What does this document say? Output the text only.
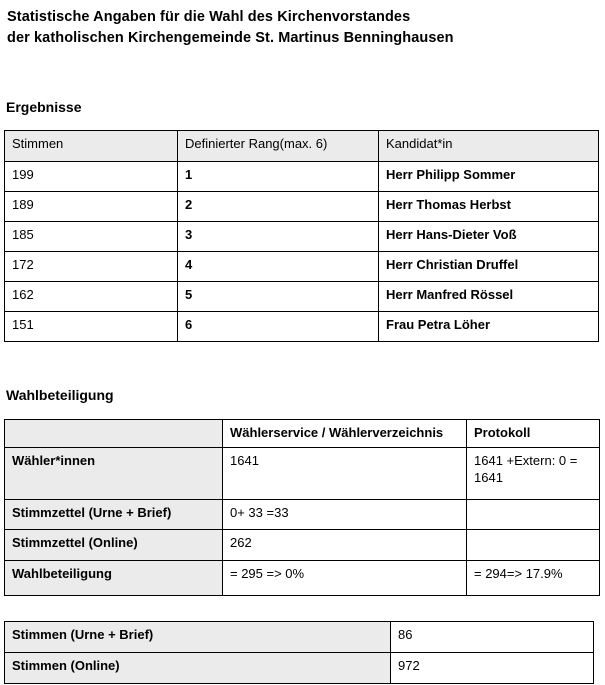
Statistische Angaben für die Wahl des Kirchenvorstandes
der katholischen Kirchengemeinde St. Martinus Benninghausen
Ergebnisse
Stimmen	Definierter Rang(max. 6)	Kandidat*in
199	1	Herr Philipp Sommer
189	2	Herr Thomas Herbst
185	3	Herr Hans-Dieter Voß
172	4	Herr Christian Druffel
162	5	Herr Manfred Rössel
151	6	Frau Petra Löher
Wahlbeteiligung
	Wählerservice / Wählerverzeichnis	Protokoll
Wähler*innen	1641	1641 +Extern: 0 = 1641
Stimmzettel (Urne + Brief)	0+ 33 =33	
Stimmzettel (Online)	262	
Wahlbeteiligung	= 295 => 0%	= 294=> 17.9%
Stimmen (Urne + Brief)	86
Stimmen (Online)	972
